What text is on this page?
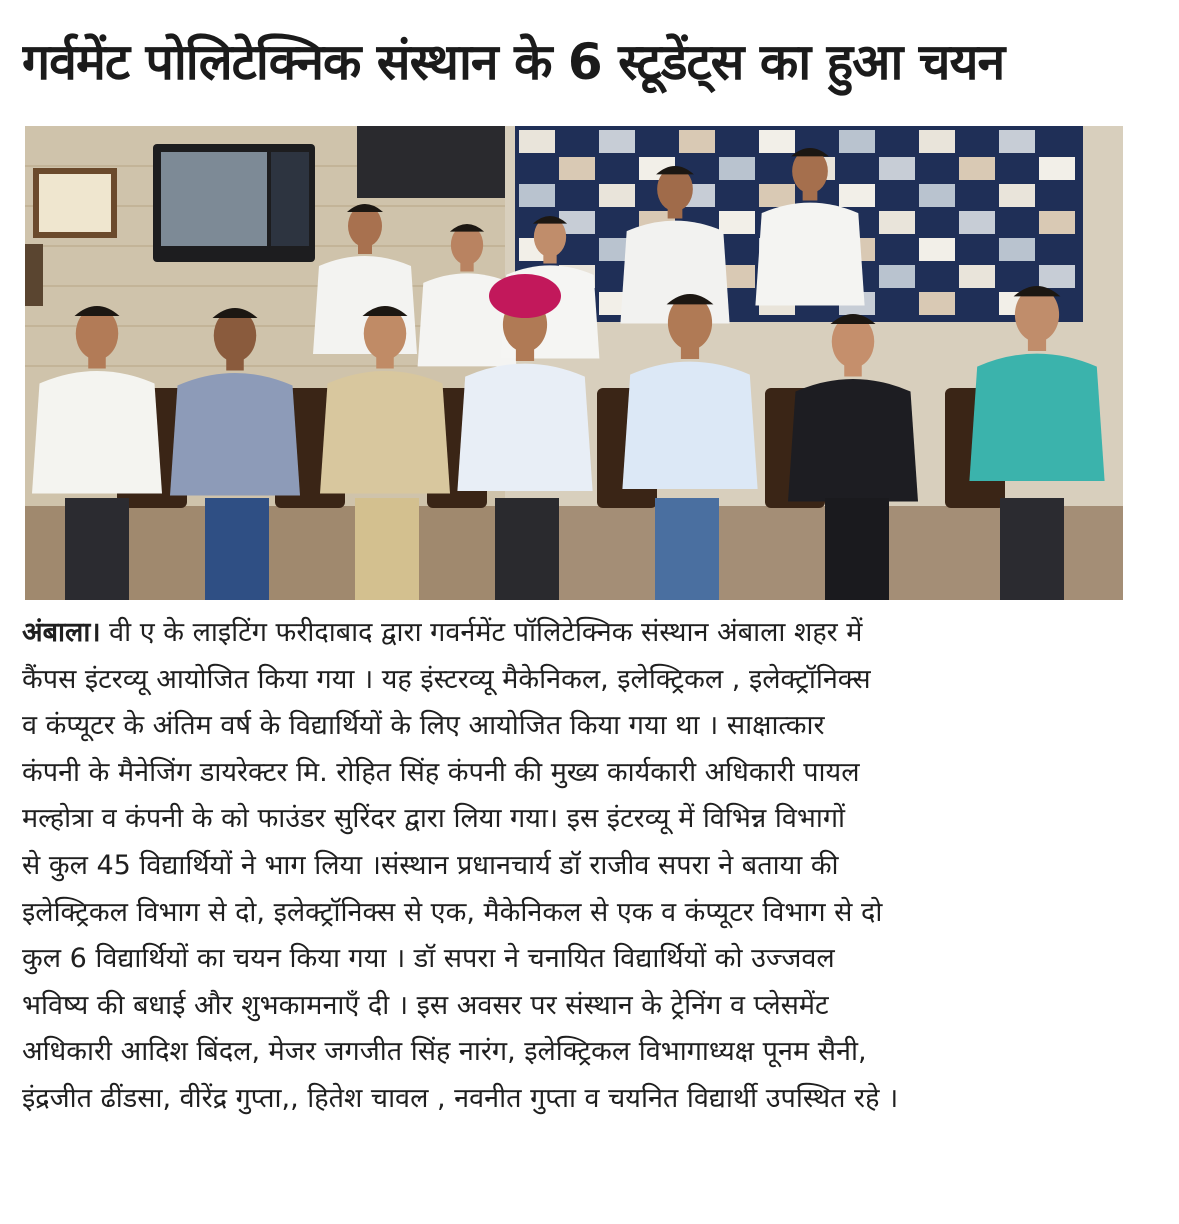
गर्वमेंट पोलिटेक्निक संस्थान के 6 स्टूडेंट्स का हुआ चयन
अंबाला। वी ए के लाइटिंग फरीदाबाद द्वारा गवर्नमेंट पॉलिटेक्निक संस्थान अंबाला शहर में
कैंपस इंटरव्यू आयोजित किया गया । यह इंस्टरव्यू मैकेनिकल, इलेक्ट्रिकल , इलेक्ट्रॉनिक्स
व कंप्यूटर के अंतिम वर्ष के विद्यार्थियों के लिए आयोजित किया गया था । साक्षात्कार
कंपनी के मैनेजिंग डायरेक्टर मि. रोहित सिंह कंपनी की मुख्य कार्यकारी अधिकारी पायल
मल्होत्रा व कंपनी के को फाउंडर सुरिंदर द्वारा लिया गया। इस इंटरव्यू में विभिन्न विभागों
से कुल 45 विद्यार्थियों ने भाग लिया ।संस्थान प्रधानचार्य डॉ राजीव सपरा ने बताया की
इलेक्ट्रिकल विभाग से दो, इलेक्ट्रॉनिक्स से एक, मैकेनिकल से एक व कंप्यूटर विभाग से दो
कुल 6 विद्यार्थियों का चयन किया गया । डॉ सपरा ने चनायित विद्यार्थियों को उज्जवल
भविष्य की बधाई और शुभकामनाएँ दी । इस अवसर पर संस्थान के ट्रेनिंग व प्लेसमेंट
अधिकारी आदिश बिंदल, मेजर जगजीत सिंह नारंग, इलेक्ट्रिकल विभागाध्यक्ष पूनम सैनी,
इंद्रजीत ढींडसा, वीरेंद्र गुप्ता,, हितेश चावल , नवनीत गुप्ता व चयनित विद्यार्थी उपस्थित रहे ।
